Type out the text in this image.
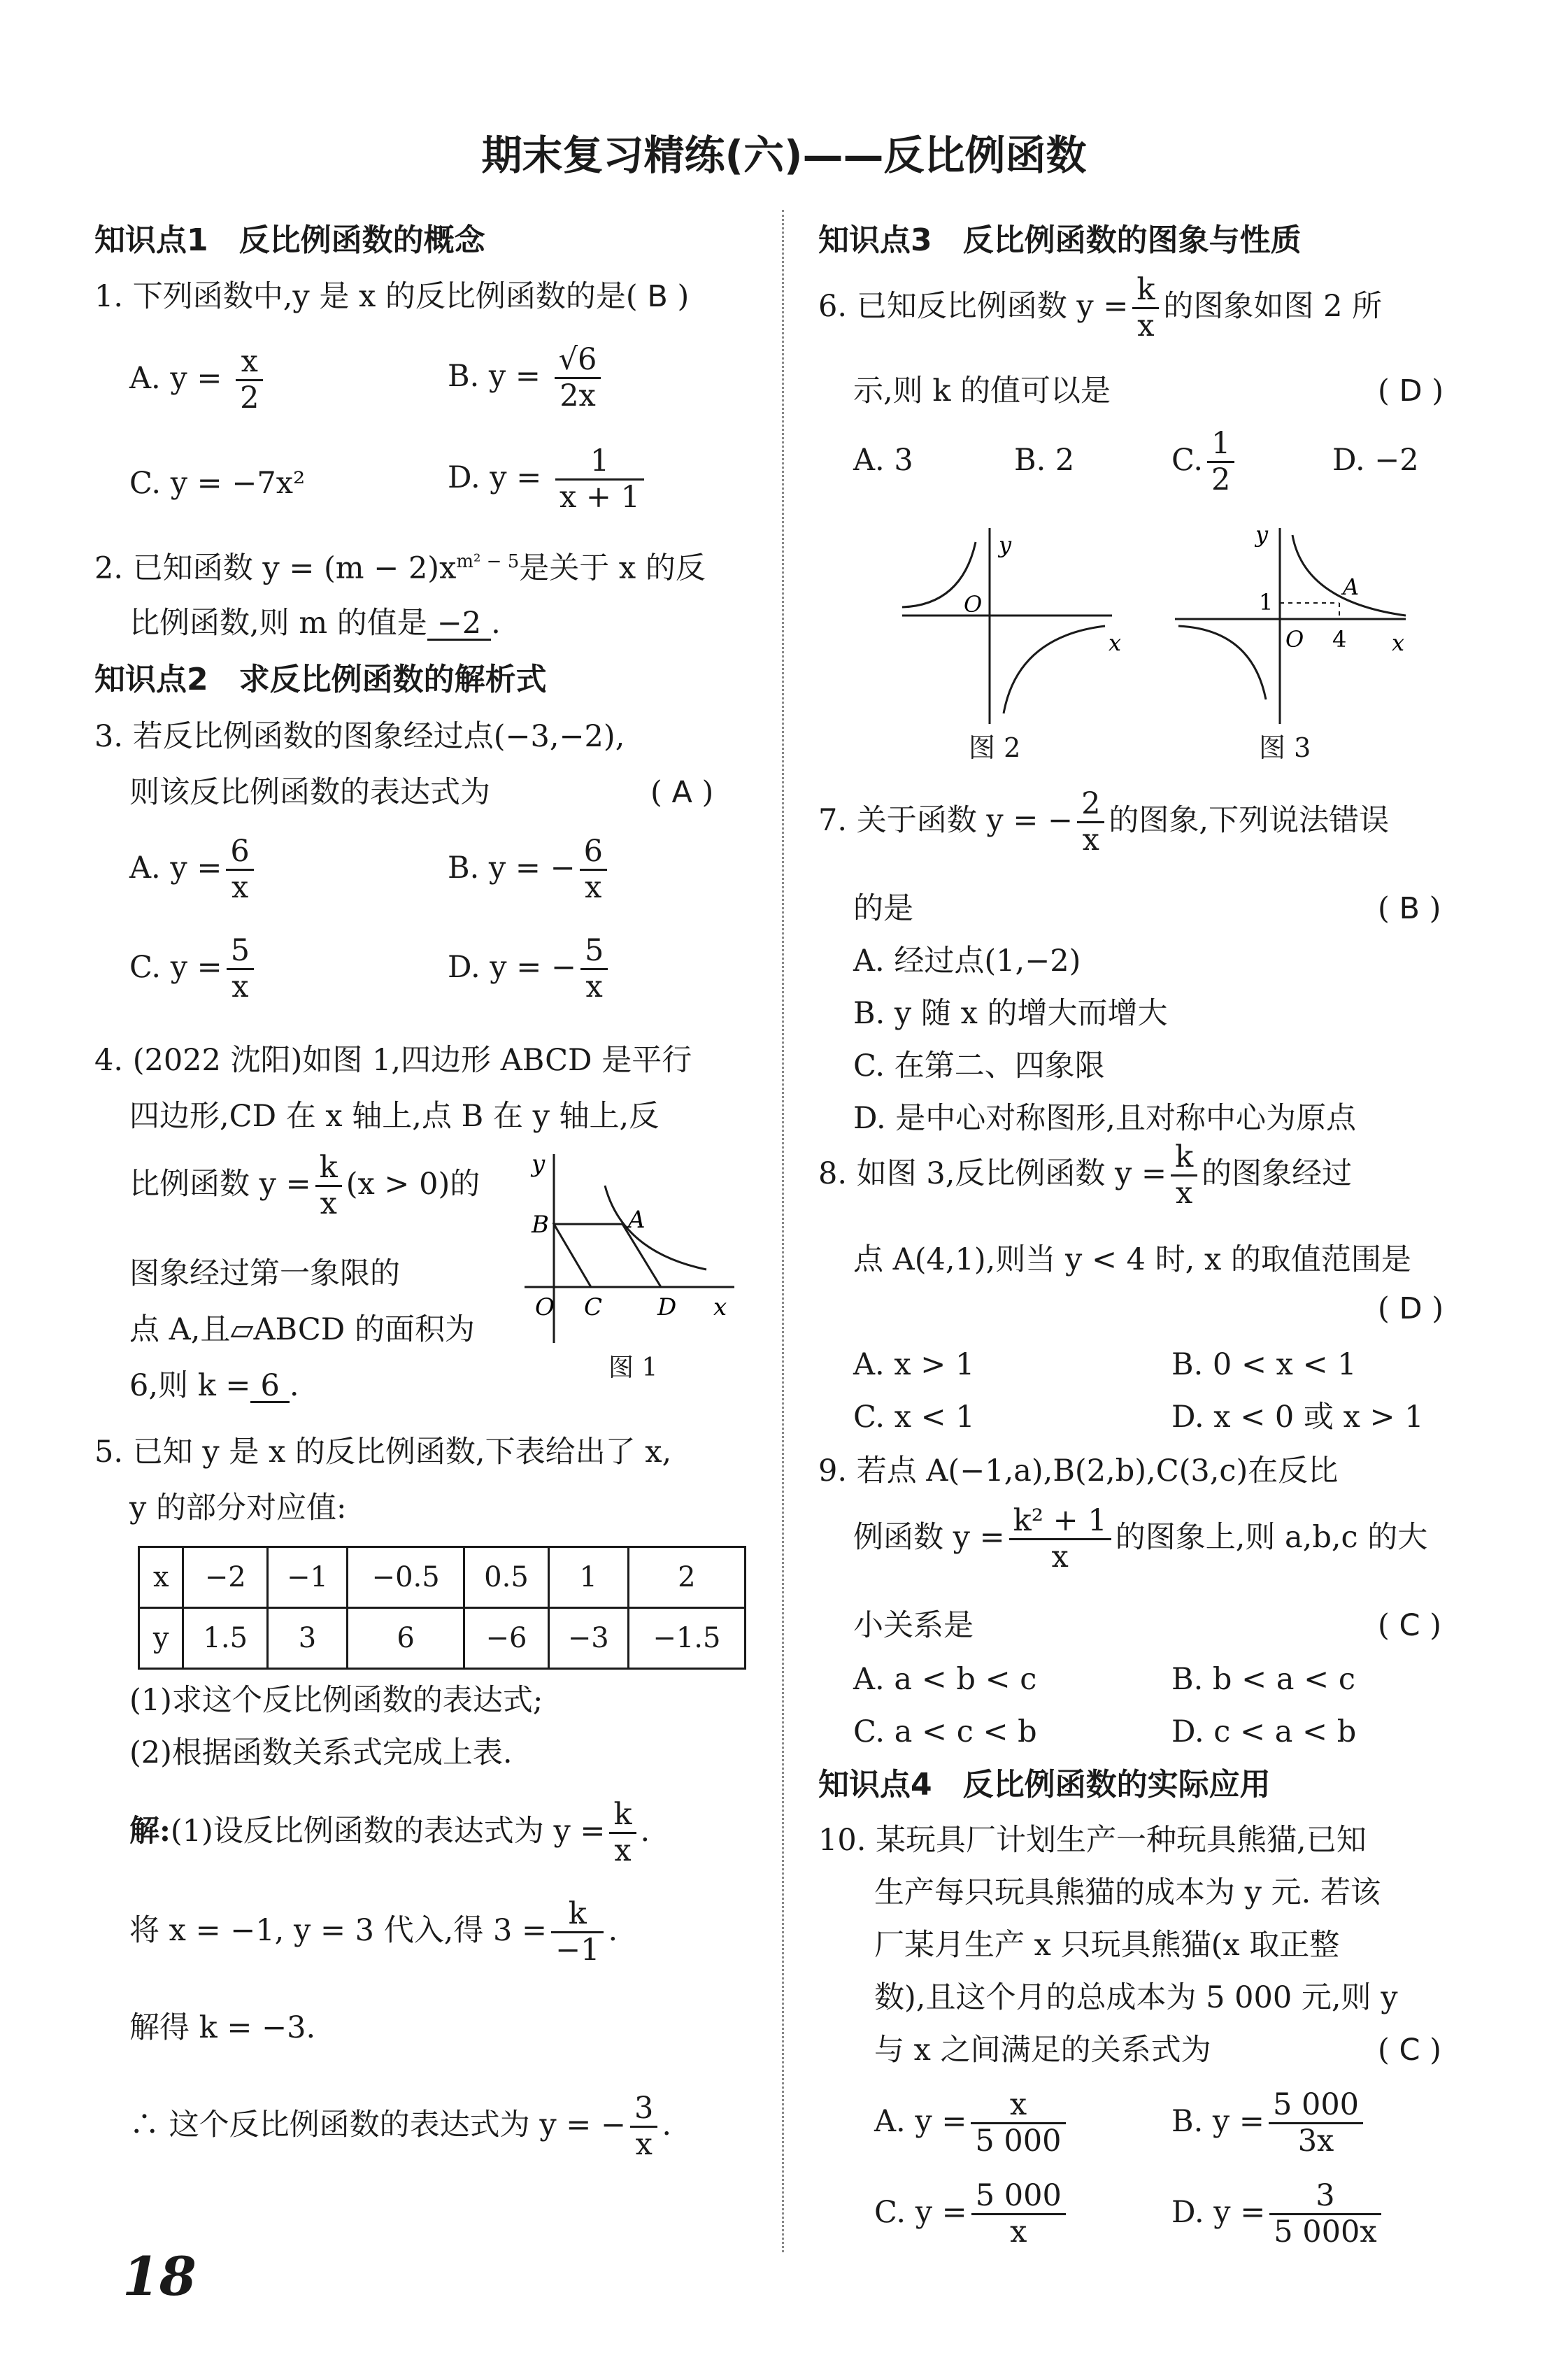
期末复习精练(六)——反比例函数
知识点1　反比例函数的概念
1. 下列函数中,y 是 x 的反比例函数的是( B )
A. $y = \frac{x}{2}$	B. $y = \frac{√6}{2x}$
C. y = −7x²	D. $y = \frac{1}{x + 1}$
2. 已知函数 $y = (m - 2)x^{m^2 - 5}$是关于 x 的反
比例函数,则 m 的值是 −2 .
知识点2　求反比例函数的解析式
3. 若反比例函数的图象经过点(−3,−2),
则该反比例函数的表达式为	( A )
A. $y = \frac{6}{x}$	B. y = − $\frac{6}{x}$
C. $y = \frac{5}{x}$	D. y = − $\frac{5}{x}$
4. (2022 沈阳)如图 1,四边形 ABCD 是平行
四边形,CD 在 x 轴上,点 B 在 y 轴上,反
比例函数 $y = \frac{k}{x} (x > 0)$的
图象经过第一象限的
点 A,且▱ABCD 的面积为
6,则 k = 6 .
y
B	A
O C D x
图 1
5. 已知 y 是 x 的反比例函数,下表给出了 x,
y 的部分对应值:
x	−2	−1	−0.5	0.5	1	2
y	1.5	3	6	−6	−3	−1.5
(1)求这个反比例函数的表达式;
(2)根据函数关系式完成上表.
解:(1)设反比例函数的表达式为 $y = \frac{k}{x}$ .
将 x = −1, y = 3 代入,得 $3 = \frac{k}{-1}$ .
解得 k = −3.
∴ 这个反比例函数的表达式为 y = − $\frac{3}{x}$ .
知识点3　反比例函数的图象与性质
6. 已知反比例函数 $y = \frac{k}{x}$ 的图象如图 2 所
示,则 k 的值可以是	( D )
A. 3	B. 2	C. $\frac{1}{2}$	D. −2
y
O
x
图 2
y
A
1
O 4 x
图 3
7. 关于函数 y = − $\frac{2}{x}$ 的图象,下列说法错误
的是	( B )
A. 经过点(1,−2)
B. y 随 x 的增大而增大
C. 在第二、四象限
D. 是中心对称图形,且对称中心为原点
8. 如图 3,反比例函数 $y = \frac{k}{x}$ 的图象经过
点 A(4,1),则当 y < 4 时, x 的取值范围是
( D )
A. x > 1	B. 0 < x < 1
C. x < 1	D. x < 0 或 x > 1
9. 若点 A(−1,a),B(2,b),C(3,c)在反比
例函数 $y = \frac{\text{k² + 1}}{x}$ 的图象上,则 a,b,c 的大
小关系是	( C )
A. a < b < c	B. b < a < c
C. a < c < b	D. c < a < b
知识点4　反比例函数的实际应用
10. 某玩具厂计划生产一种玩具熊猫,已知
生产每只玩具熊猫的成本为 y 元. 若该
厂某月生产 x 只玩具熊猫(x 取正整
数),且这个月的总成本为 5 000 元,则 y
与 x 之间满足的关系式为	( C )
A. $y = \frac{x}{5 000}$	B. $y = \frac{5 000}{3x}$
C. $y = \frac{5 000}{x}$	D. $y = \frac{3}{5 000x}$
18
